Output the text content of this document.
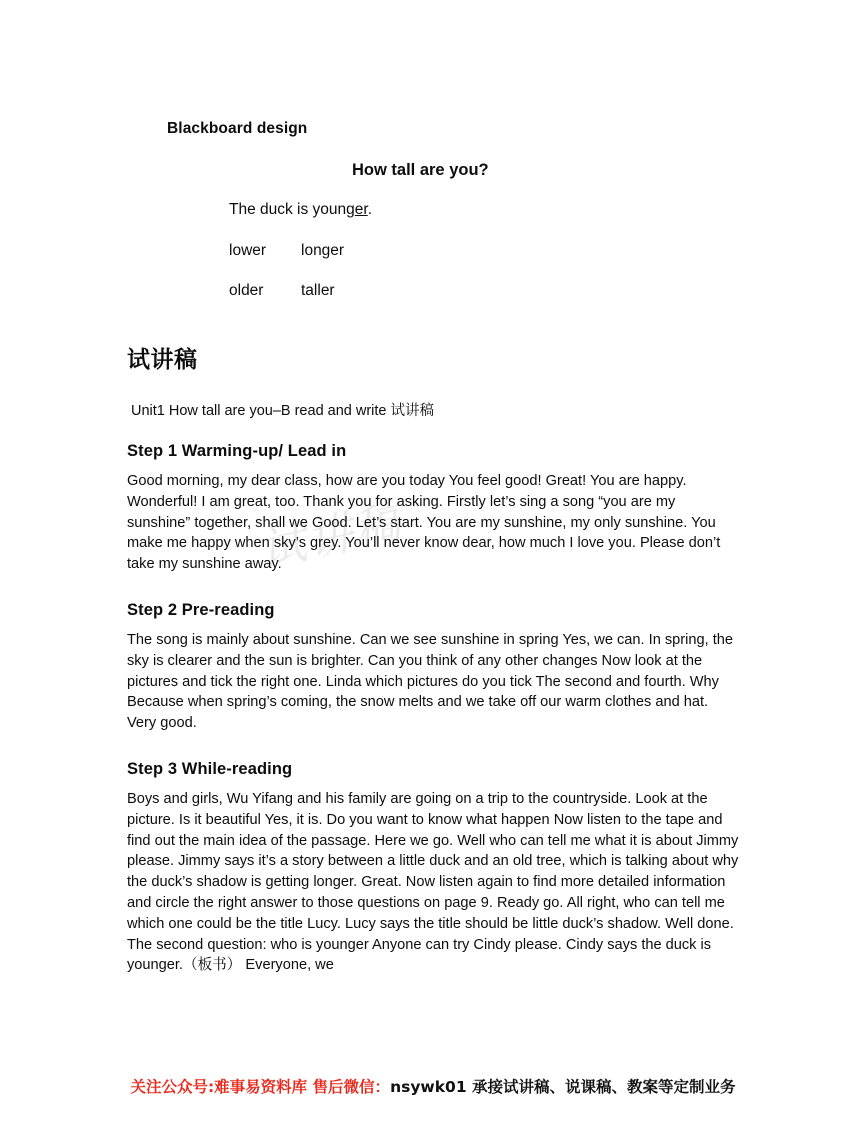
Blackboard design
How tall are you?
The duck is younger.
lower longer
older taller
试讲稿
Unit1 How tall are you–B read and write 试讲稿
试讲稿
Step 1 Warming-up/ Lead in

Good morning, my dear class, how are you today You feel good! Great! You are happy. Wonderful! I am great, too. Thank you for asking. Firstly let’s sing a song “you are my sunshine” together, shall we Good. Let’s start. You are my sunshine, my only sunshine. You make me happy when sky’s grey. You’ll never know dear, how much I love you. Please don’t take my sunshine away.

Step 2 Pre-reading

The song is mainly about sunshine. Can we see sunshine in spring Yes, we can. In spring, the sky is clearer and the sun is brighter. Can you think of any other changes Now look at the pictures and tick the right one. Linda which pictures do you tick The second and fourth. Why Because when spring’s coming, the snow melts and we take off our warm clothes and hat. Very good.

Step 3 While-reading

Boys and girls, Wu Yifang and his family are going on a trip to the countryside. Look at the picture. Is it beautiful Yes, it is. Do you want to know what happen Now listen to the tape and find out the main idea of the passage. Here we go. Well who can tell me what it is about Jimmy please. Jimmy says it’s a story between a little duck and an old tree, which is talking about why the duck’s shadow is getting longer. Great. Now listen again to find more detailed information and circle the right answer to those questions on page 9. Ready go. All right, who can tell me which one could be the title Lucy. Lucy says the title should be little duck’s shadow. Well done. The second question: who is younger Anyone can try Cindy please. Cindy says the duck is younger.（板书） Everyone, we

关注公众号:难事易资料库 售后微信：nsywk01 承接试讲稿、说课稿、教案等定制业务
